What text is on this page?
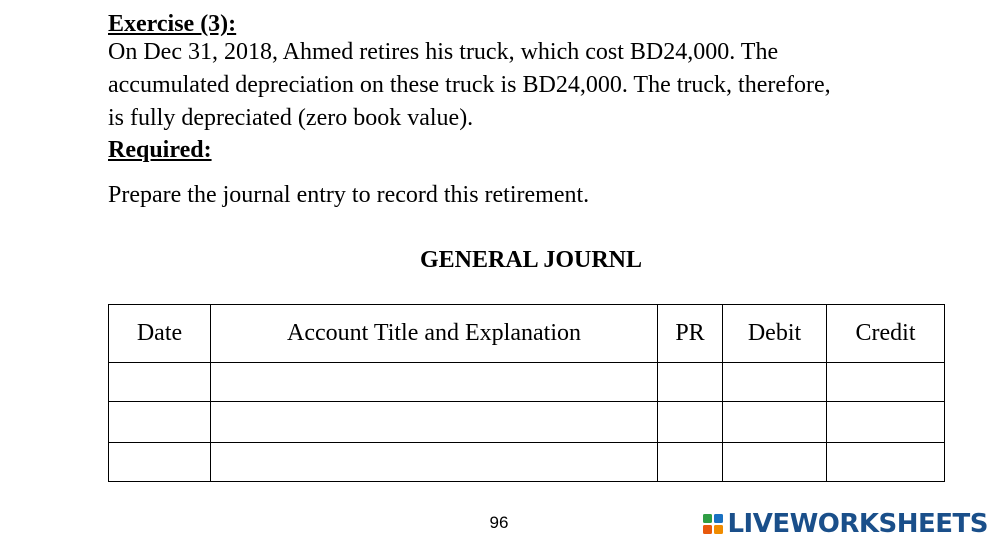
Exercise (3):
On Dec 31, 2018, Ahmed retires his truck, which cost BD24,000. The
accumulated depreciation on these truck is BD24,000. The truck, therefore,
is fully depreciated (zero book value).
Required:
Prepare the journal entry to record this retirement.
GENERAL JOURNL
Date	Account Title and Explanation	PR	Debit	Credit

96	LIVEWORKSHEETS
